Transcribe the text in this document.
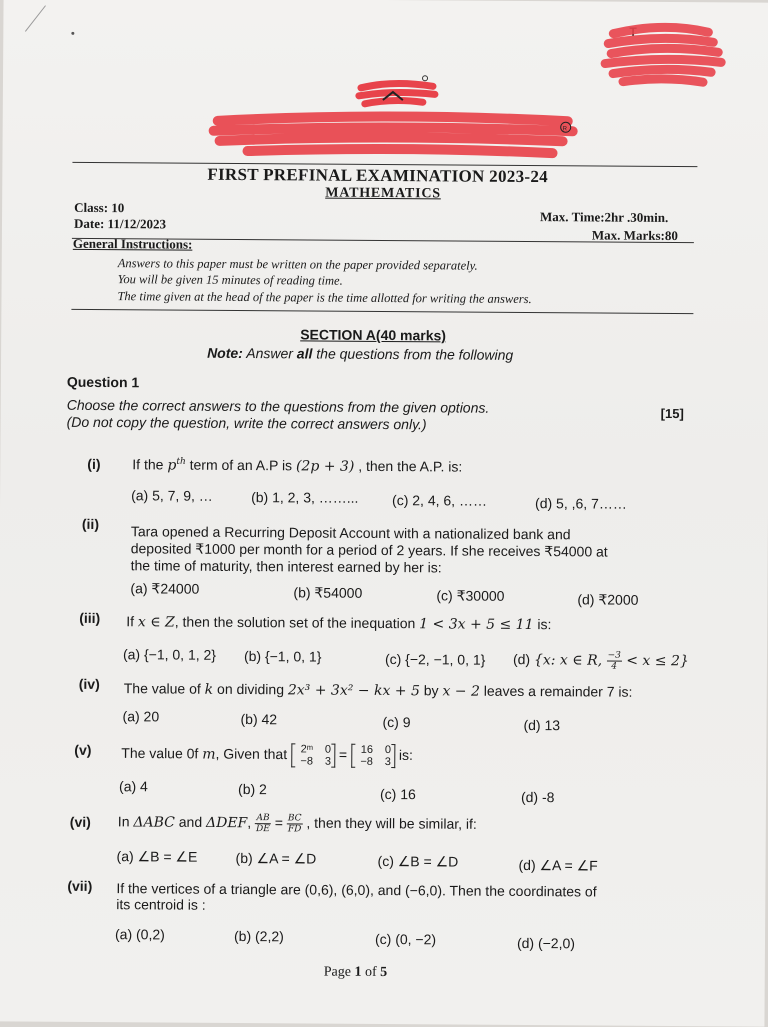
T
R
FIRST PREFINAL EXAMINATION 2023-24
MATHEMATICS
Class: 10
Date: 11/12/2023	Max. Time:2hr .30min.
Max. Marks:80
General Instructions:
Answers to this paper must be written on the paper provided separately.
You will be given 15 minutes of reading time.
The time given at the head of the paper is the time allotted for writing the answers.
SECTION A(40 marks)
Note: Answer all the questions from the following
Question 1
Choose the correct answers to the questions from the given options.
(Do not copy the question, write the correct answers only.)
[15]
(i) If the $p^{th}$ term of an A.P is (2p + 3) , then the A.P. is:
(a) 5, 7, 9, …	(b) 1, 2, 3, ……... (c) 2, 4, 6, ……	(d) 5, ,6, 7……
(ii) Tara opened a Recurring Deposit Account with a nationalized bank and
deposited ₹1000 per month for a period of 2 years. If she receives ₹54000 at
the time of maturity, then interest earned by her is:
(a) ₹24000	(b) ₹54000	(c) ₹30000	(d) ₹2000
(iii) If x ∈ Z, then the solution set of the inequation 1 < 3x + 5 ≤ 11 is:
(a) {−1, 0, 1, 2} (b) {−1, 0, 1}	(c) {−2, −1, 0, 1} (d) {x: x ∈ R, $\frac{-3}{4} < x \le 2$}
(iv) The value of k on dividing 2x³ + 3x² − kx + 5 by x − 2 leaves a remainder 7 is:
(a) 20	(b) 42	(c) 9	(d) 13
(v) The value 0f m, Given that 2ᵐ 0
−8 3 =	16 0
−8 3 is:
(a) 4	(b) 2	(c) 16	(d) -8
(vi) In ΔABC and ΔDEF, $\frac{AB}{DE} = \frac{BC}{FD}$ , then they will be similar, if:
(a) ∠B = ∠E	(b) ∠A = ∠D	(c) ∠B = ∠D	(d) ∠A = ∠F
(vii) If the vertices of a triangle are (0,6), (6,0), and (−6,0). Then the coordinates of
its centroid is :
(a) (0,2)	(b) (2,2)	(c) (0, −2)	(d) (−2,0)
Page 1 of 5
